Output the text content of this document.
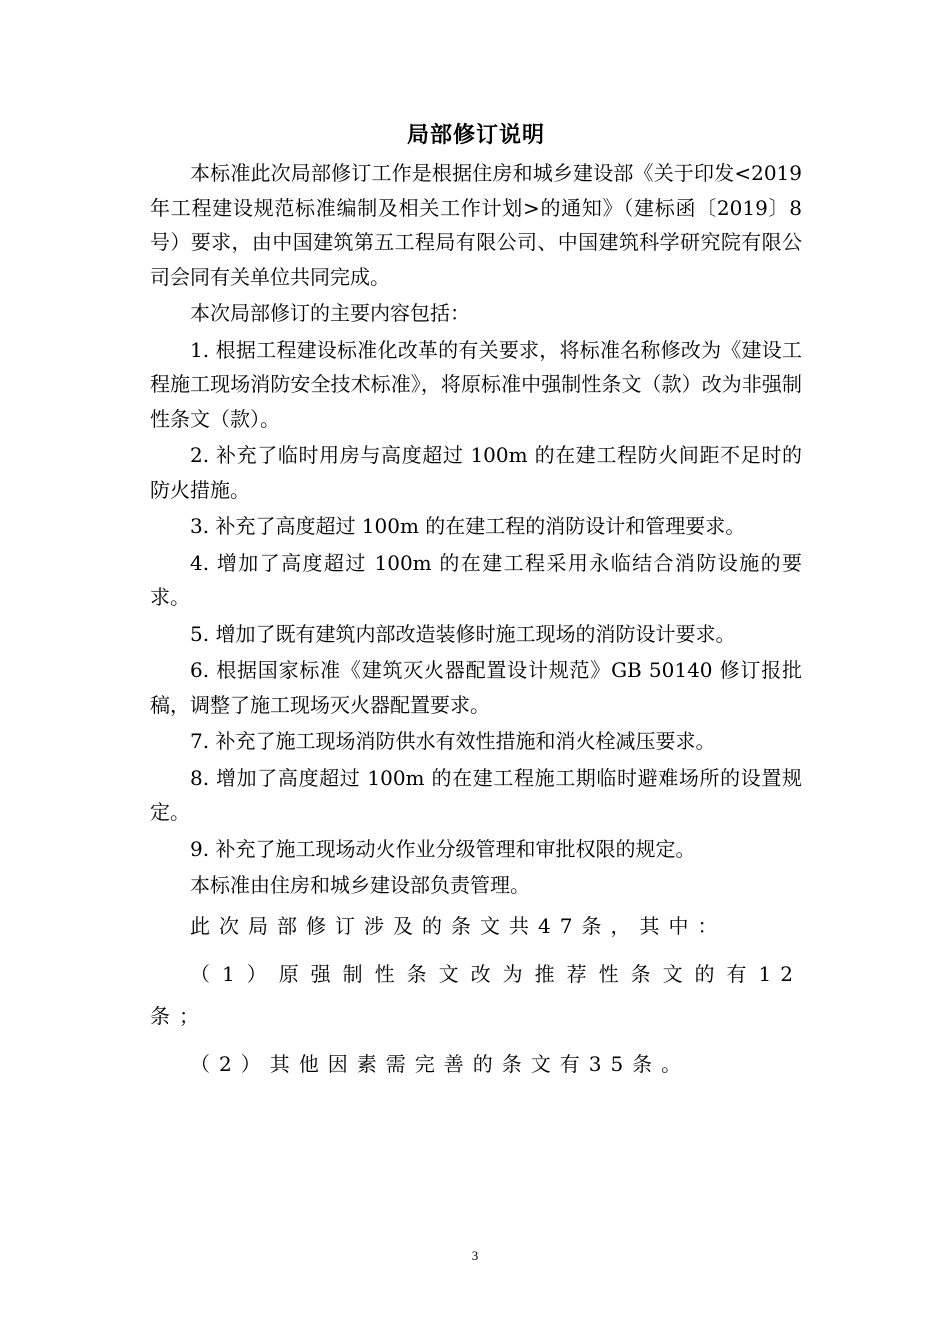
局部修订说明

本标准此次局部修订工作是根据住房和城乡建设部《关于印发<2019年工程建设规范标准编制及相关工作计划>的通知》（建标函〔2019〕8号）要求，由中国建筑第五工程局有限公司、中国建筑科学研究院有限公司会同有关单位共同完成。

本次局部修订的主要内容包括：

1. 根据工程建设标准化改革的有关要求，将标准名称修改为《建设工程施工现场消防安全技术标准》，将原标准中强制性条文（款）改为非强制性条文（款）。

2. 补充了临时用房与高度超过 100m 的在建工程防火间距不足时的防火措施。

3. 补充了高度超过 100m 的在建工程的消防设计和管理要求。

4. 增加了高度超过 100m 的在建工程采用永临结合消防设施的要求。

5. 增加了既有建筑内部改造装修时施工现场的消防设计要求。

6. 根据国家标准《建筑灭火器配置设计规范》GB 50140 修订报批稿，调整了施工现场灭火器配置要求。

7. 补充了施工现场消防供水有效性措施和消火栓减压要求。

8. 增加了高度超过 100m 的在建工程施工期临时避难场所的设置规定。

9. 补充了施工现场动火作业分级管理和审批权限的规定。

本标准由住房和城乡建设部负责管理。

此次局部修订涉及的条文共47条，其中：

（1）原强制性条文改为推荐性条文的有12条；

（2）其他因素需完善的条文有35条。

3
